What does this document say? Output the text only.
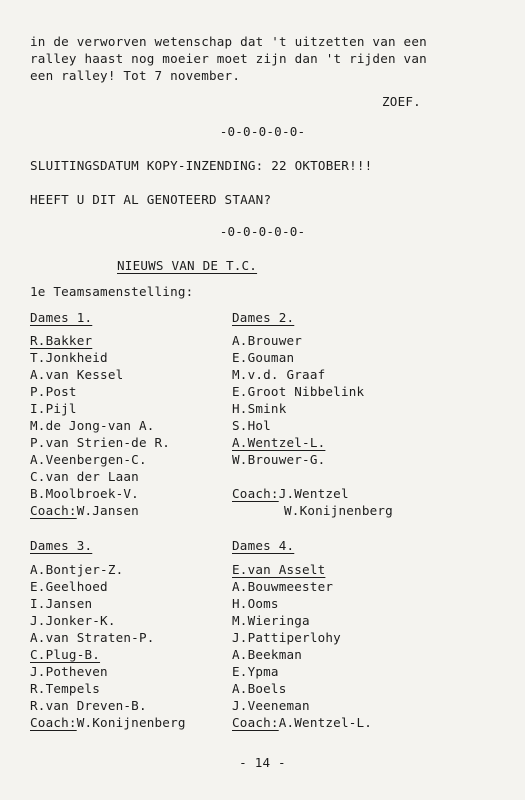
in de verworven wetenschap dat 't uitzetten van een
ralley haast nog moeier moet zijn dan 't rijden van
een ralley! Tot 7 november.
ZOEF.
-0-0-0-0-0-
SLUITINGSDATUM KOPY-INZENDING: 22 OKTOBER!!!
HEEFT U DIT AL GENOTEERD STAAN?
-0-0-0-0-0-
NIEUWS VAN DE T.C.
1e Teamsamenstelling:
Dames 1.
R.Bakker
T.Jonkheid
A.van Kessel
P.Post
I.Pijl
M.de Jong-van A.
P.van Strien-de R.
A.Veenbergen-C.
C.van der Laan
B.Moolbroek-V.
Coach:W.Jansen
Dames 2.
A.Brouwer
E.Gouman
M.v.d. Graaf
E.Groot Nibbelink
H.Smink
S.Hol
A.Wentzel-L.
W.Brouwer-G.
Coach:J.Wentzel
W.Konijnenberg
Dames 3.
A.Bontjer-Z.
E.Geelhoed
I.Jansen
J.Jonker-K.
A.van Straten-P.
C.Plug-B.
J.Potheven
R.Tempels
R.van Dreven-B.
Coach:W.Konijnenberg
Dames 4.
E.van Asselt
A.Bouwmeester
H.Ooms
M.Wieringa
J.Pattiperlohy
A.Beekman
E.Ypma
A.Boels
J.Veeneman
Coach:A.Wentzel-L.
- 14 -
